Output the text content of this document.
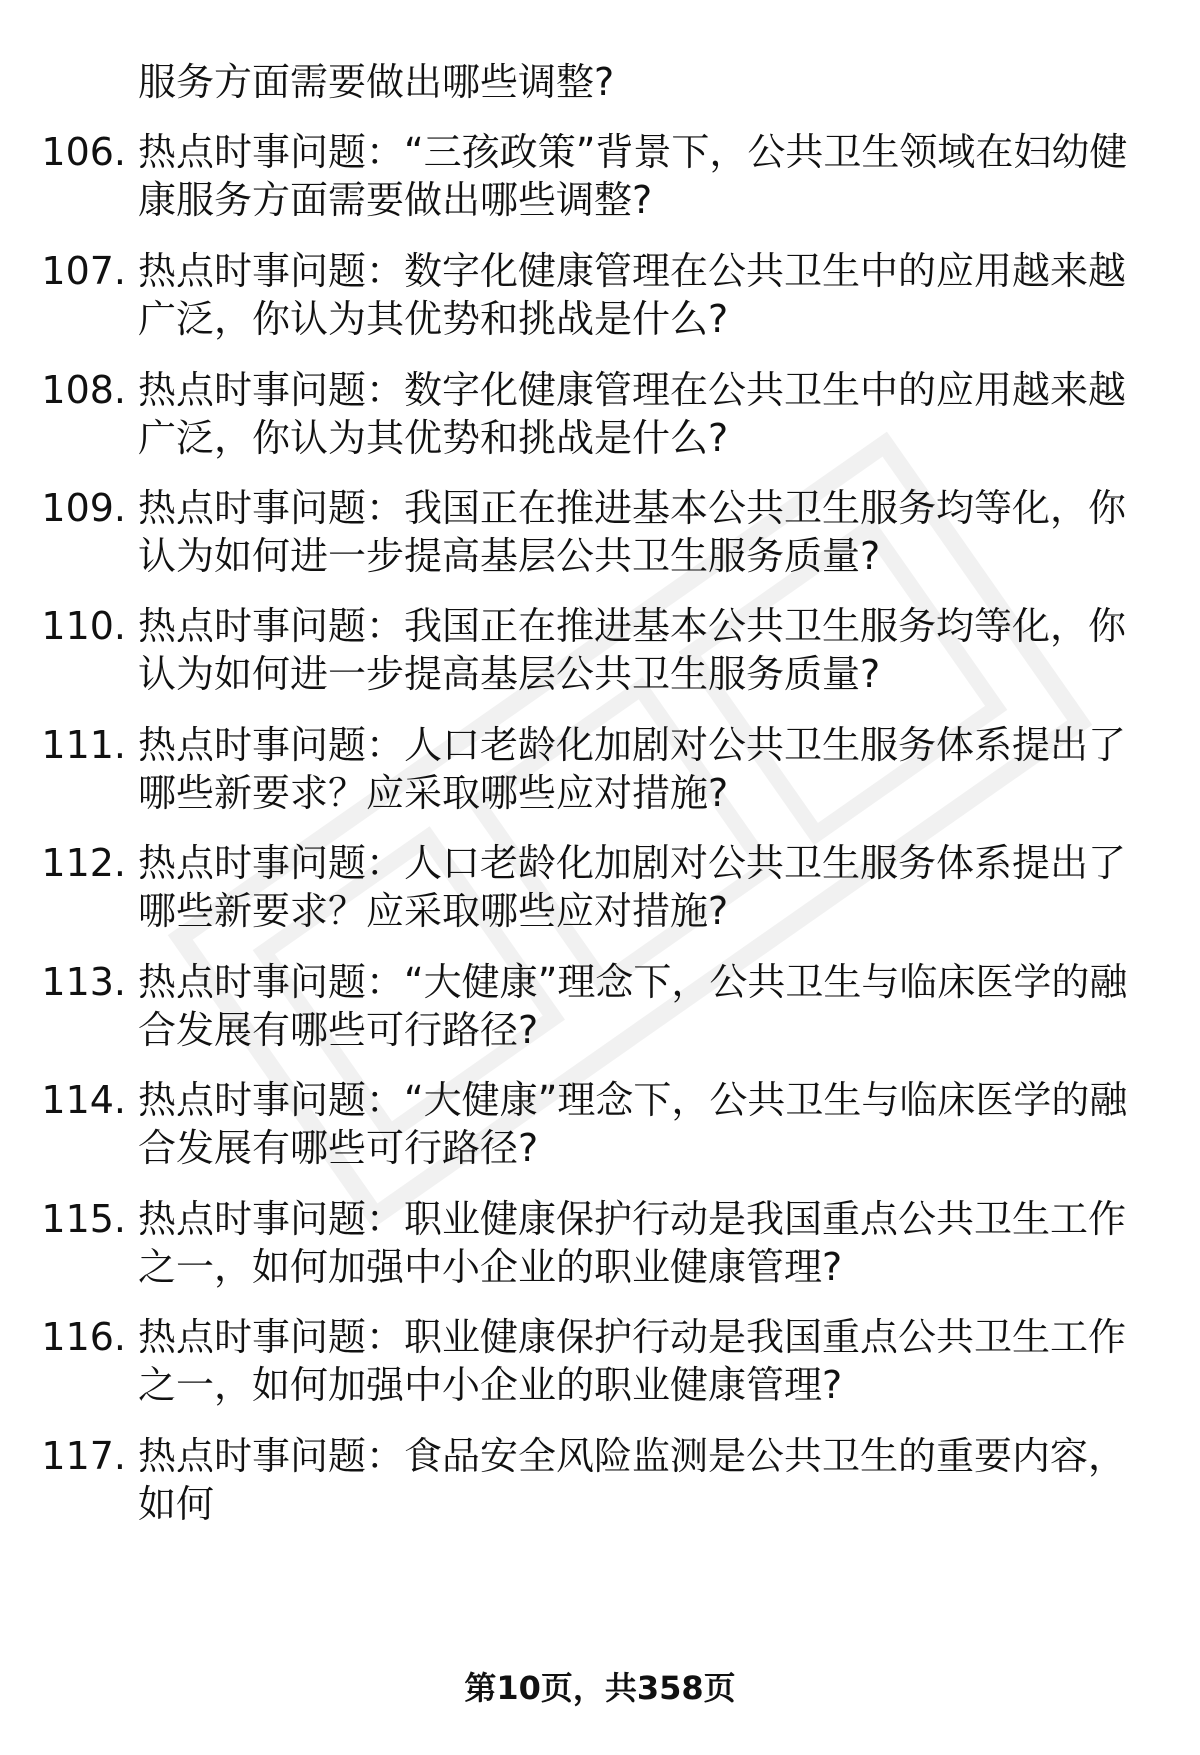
服务方面需要做出哪些调整?
106. 热点时事问题：“三孩政策”背景下，公共卫生领域在妇幼健康服务方面需要做出哪些调整?
107. 热点时事问题：数字化健康管理在公共卫生中的应用越来越广泛，你认为其优势和挑战是什么?
108. 热点时事问题：数字化健康管理在公共卫生中的应用越来越广泛，你认为其优势和挑战是什么?
109. 热点时事问题：我国正在推进基本公共卫生服务均等化，你认为如何进一步提高基层公共卫生服务质量?
110. 热点时事问题：我国正在推进基本公共卫生服务均等化，你认为如何进一步提高基层公共卫生服务质量?
111. 热点时事问题：人口老龄化加剧对公共卫生服务体系提出了哪些新要求？应采取哪些应对措施?
112. 热点时事问题：人口老龄化加剧对公共卫生服务体系提出了哪些新要求？应采取哪些应对措施?
113. 热点时事问题：“大健康”理念下，公共卫生与临床医学的融合发展有哪些可行路径?
114. 热点时事问题：“大健康”理念下，公共卫生与临床医学的融合发展有哪些可行路径?
115. 热点时事问题：职业健康保护行动是我国重点公共卫生工作之一，如何加强中小企业的职业健康管理?
116. 热点时事问题：职业健康保护行动是我国重点公共卫生工作之一，如何加强中小企业的职业健康管理?
117. 热点时事问题：食品安全风险监测是公共卫生的重要内容，如何
第10页，共358页
